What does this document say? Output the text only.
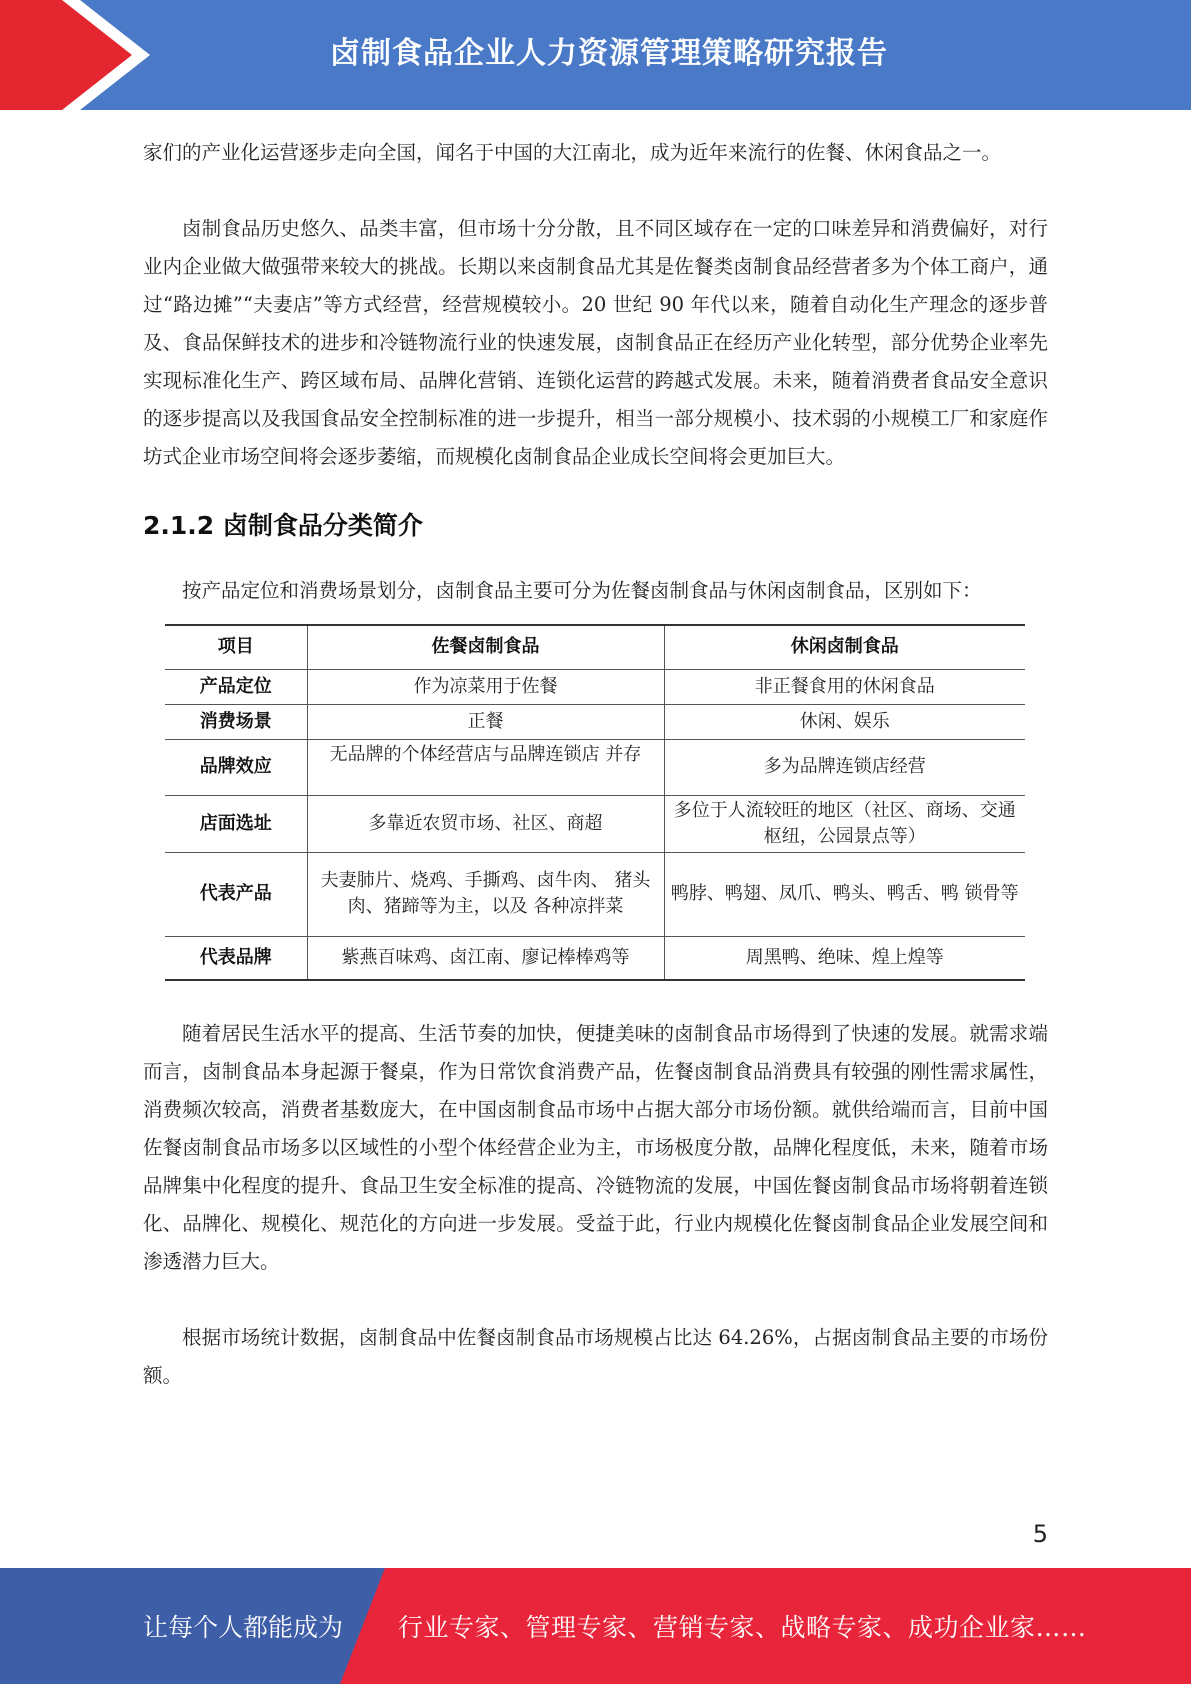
卤制食品企业人力资源管理策略研究报告

家们的产业化运营逐步走向全国，闻名于中国的大江南北，成为近年来流行的佐餐、休闲食品之一。

卤制食品历史悠久、品类丰富，但市场十分分散，且不同区域存在一定的口味差异和消费偏好，对行业内企业做大做强带来较大的挑战。长期以来卤制食品尤其是佐餐类卤制食品经营者多为个体工商户，通过“路边摊”“夫妻店”等方式经营，经营规模较小。20 世纪 90 年代以来，随着自动化生产理念的逐步普及、食品保鲜技术的进步和冷链物流行业的快速发展，卤制食品正在经历产业化转型，部分优势企业率先实现标准化生产、跨区域布局、品牌化营销、连锁化运营的跨越式发展。未来，随着消费者食品安全意识的逐步提高以及我国食品安全控制标准的进一步提升，相当一部分规模小、技术弱的小规模工厂和家庭作坊式企业市场空间将会逐步萎缩，而规模化卤制食品企业成长空间将会更加巨大。

2.1.2 卤制食品分类简介

按产品定位和消费场景划分，卤制食品主要可分为佐餐卤制食品与休闲卤制食品，区别如下：

项目	佐餐卤制食品	休闲卤制食品
产品定位	作为凉菜用于佐餐	非正餐食用的休闲食品
消费场景	正餐	休闲、娱乐
品牌效应	无品牌的个体经营店与品牌连锁店 并存	多为品牌连锁店经营
店面选址	多靠近农贸市场、社区、商超	多位于人流较旺的地区（社区、商场、交通枢纽，公园景点等）
代表产品	夫妻肺片、烧鸡、手撕鸡、卤牛肉、 猪头肉、猪蹄等为主，以及 各种凉拌菜	鸭脖、鸭翅、凤爪、鸭头、鸭舌、鸭 锁骨等
代表品牌	紫燕百味鸡、卤江南、廖记棒棒鸡等	周黑鸭、绝味、煌上煌等

随着居民生活水平的提高、生活节奏的加快，便捷美味的卤制食品市场得到了快速的发展。就需求端而言，卤制食品本身起源于餐桌，作为日常饮食消费产品，佐餐卤制食品消费具有较强的刚性需求属性，消费频次较高，消费者基数庞大，在中国卤制食品市场中占据大部分市场份额。就供给端而言，目前中国佐餐卤制食品市场多以区域性的小型个体经营企业为主，市场极度分散，品牌化程度低，未来，随着市场品牌集中化程度的提升、食品卫生安全标准的提高、冷链物流的发展，中国佐餐卤制食品市场将朝着连锁化、品牌化、规模化、规范化的方向进一步发展。受益于此，行业内规模化佐餐卤制食品企业发展空间和渗透潜力巨大。

根据市场统计数据，卤制食品中佐餐卤制食品市场规模占比达 64.26%，占据卤制食品主要的市场份额。

5
让每个人都能成为 行业专家、管理专家、营销专家、战略专家、成功企业家……
